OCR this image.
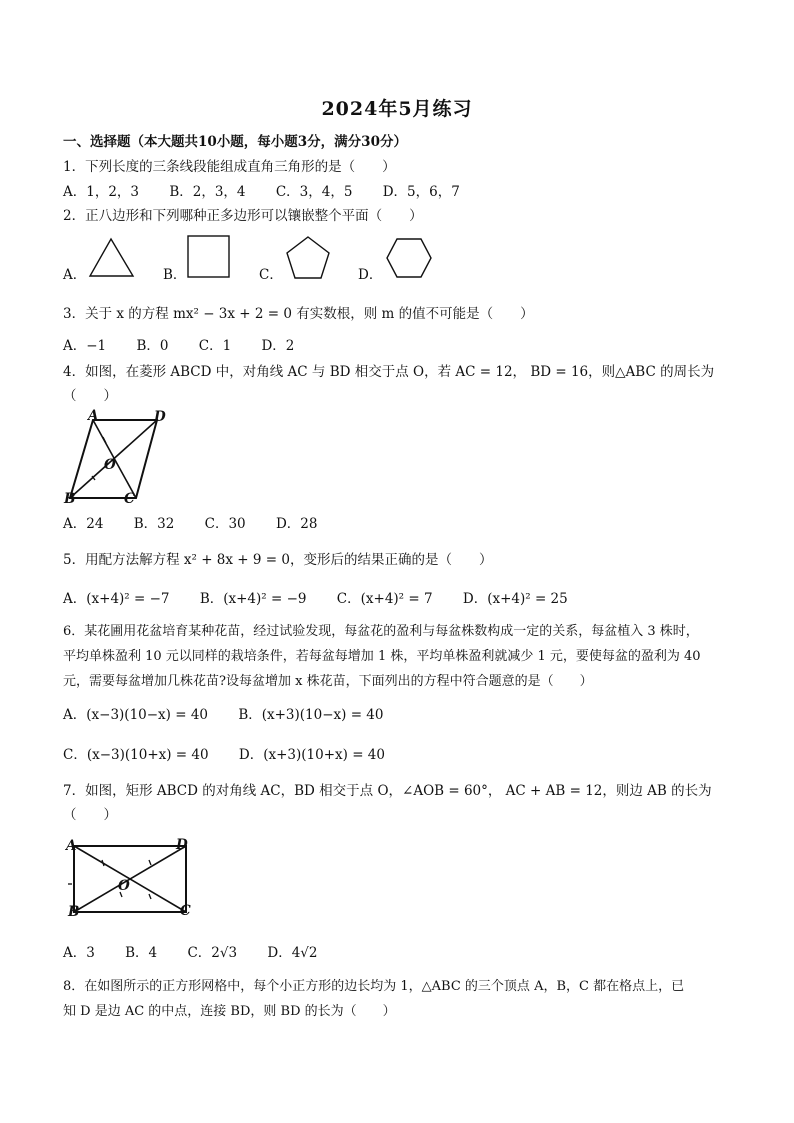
2024年5月练习
一、选择题（本大题共10小题，每小题3分，满分30分）
1．下列长度的三条线段能组成直角三角形的是（　　）
A．1，2，3 B．2，3，4 C．3，4，5 D．5，6，7
2．正八边形和下列哪种正多边形可以镶嵌整个平面（　　）
A．	B．	C．	D．
3．关于 x 的方程 mx² − 3x + 2 = 0 有实数根，则 m 的值不可能是（　　）
A．−1 B．0 C．1 D．2
4．如图，在菱形 ABCD 中，对角线 AC 与 BD 相交于点 O，若 AC = 12， BD = 16，则△ABC 的周长为
（　　）
A	D
O
B	C
A．24 B．32 C．30 D．28
5．用配方法解方程 x² + 8x + 9 = 0，变形后的结果正确的是（　　）
A．(x+4)² = −7 B．(x+4)² = −9 C．(x+4)² = 7 D．(x+4)² = 25
6．某花圃用花盆培育某种花苗，经过试验发现，每盆花的盈利与每盆株数构成一定的关系，每盆植入 3 株时，
平均单株盈利 10 元以同样的栽培条件，若每盆每增加 1 株，平均单株盈利就减少 1 元，要使每盆的盈利为 40
元，需要每盆增加几株花苗?设每盆增加 x 株花苗，下面列出的方程中符合题意的是（　　）
A．(x−3)(10−x) = 40 B．(x+3)(10−x) = 40
C．(x−3)(10+x) = 40 D．(x+3)(10+x) = 40
7．如图，矩形 ABCD 的对角线 AC，BD 相交于点 O，∠AOB = 60°， AC + AB = 12，则边 AB 的长为
（　　）
A	D
O
B	C
A．3 B．4 C．2√3 D．4√2
8．在如图所示的正方形网格中，每个小正方形的边长均为 1，△ABC 的三个顶点 A，B，C 都在格点上，已
知 D 是边 AC 的中点，连接 BD，则 BD 的长为（　　）
